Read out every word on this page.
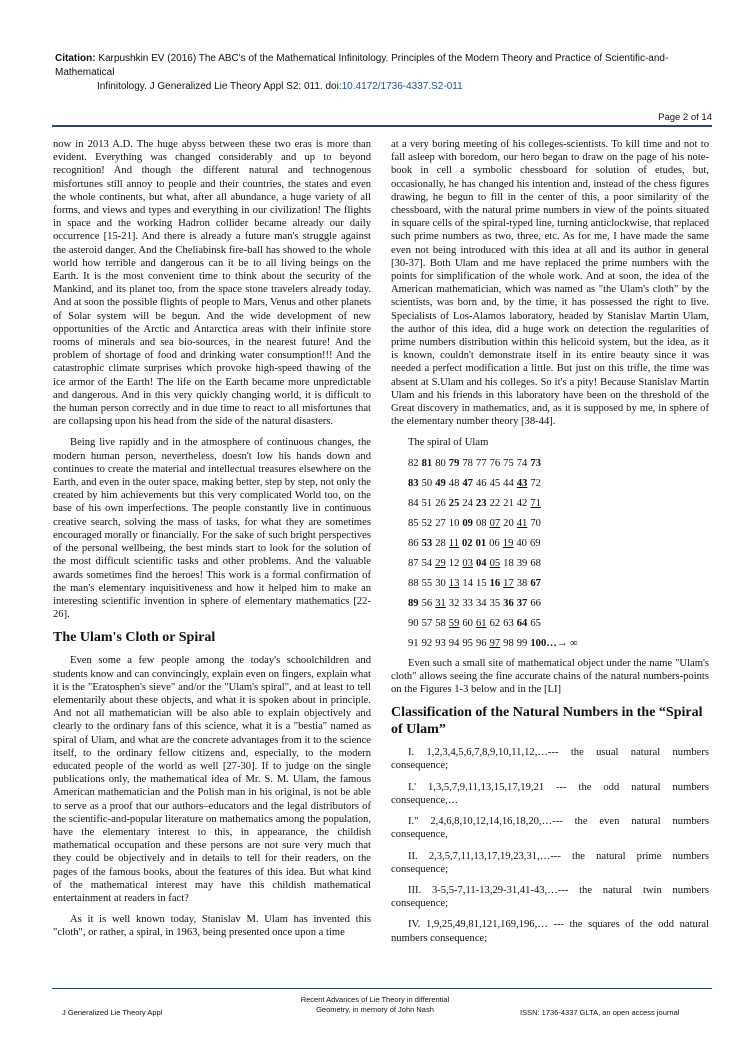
Citation: Karpushkin EV (2016) The ABC's of the Mathematical Infinitology. Principles of the Modern Theory and Practice of Scientific-and-Mathematical
Infinitology. J Generalized Lie Theory Appl S2: 011. doi:10.4172/1736-4337.S2-011
Page 2 of 14

now in 2013 A.D. The huge abyss between these two eras is more than evident. Everything was changed considerably and up to beyond recognition! And though the different natural and technogenous misfortunes still annoy to people and their countries, the states and even the whole continents, but what, after all abundance, a huge variety of all forms, and views and types and everything in our civilization! The flights in space and the working Hadron collider became already our daily occurrence [15-21]. And there is already a future man's struggle against the asteroid danger. And the Cheliabinsk fire-ball has showed to the whole world how terrible and dangerous can it be to all living beings on the Earth. It is the most convenient time to think about the security of the Mankind, and its planet too, from the space stone travelers already today. And at soon the possible flights of people to Mars, Venus and other planets of Solar system will be begun. And the wide development of new opportunities of the Arctic and Antarctica areas with their infinite store rooms of minerals and sea bio-sources, in the nearest future! And the problem of shortage of food and drinking water consumption!!! And the catastrophic climate surprises which provoke high-speed thawing of the ice armor of the Earth! The life on the Earth became more unpredictable and dangerous. And in this very quickly changing world, it is difficult to the human person correctly and in due time to react to all misfortunes that are collapsing upon his head from the side of the natural disasters.

Being live rapidly and in the atmosphere of continuous changes, the modern human person, nevertheless, doesn't low his hands down and continues to create the material and intellectual treasures elsewhere on the Earth, and even in the outer space, making better, step by step, not only the created by him achievements but this very complicated World too, on the base of his own imperfections. The people constantly live in continuous creative search, solving the mass of tasks, for what they are sometimes encouraged morally or financially. For the sake of such bright perspectives of the personal wellbeing, the best minds start to look for the solution of the most difficult scientific tasks and other problems. And the valuable awards sometimes find the heroes! This work is a formal confirmation of the man's elementary inquisitiveness and how it helped him to make an interesting scientific invention in sphere of elementary mathematics [22-26].

The Ulam's Cloth or Spiral

Even some a few people among the today's schoolchildren and students know and can convincingly, explain even on fingers, explain what it is the "Eratosphen's sieve" and/or the "Ulam's spiral", and at least to tell elementarily about these objects, and what it is spoken about in principle. And not all mathematician will be also able to explain objectively and clearly to the ordinary fans of this science, what it is a "bestia" named as spiral of Ulam, and what are the concrete advantages from it to the science itself, to the ordinary fellow citizens and, especially, to the modern educated people of the world as well [27-30]. If to judge on the single publications only, the mathematical idea of Mr. S. M. Ulam, the famous American mathematician and the Polish man in his original, is not be able to serve as a proof that our authors–educators and the legal distributors of the scientific-and-popular literature on mathematics among the population, have the elementary interest to this, in appearance, the childish mathematical occupation and these persons are not sure very much that they could be objectively and in details to tell for their readers, on the pages of the famous books, about the features of this idea. But what kind of the mathematical interest may have this childish mathematical entertainment at readers in fact?

As it is well known today, Stanislav M. Ulam has invented this "cloth", or rather, a spiral, in 1963, being presented once upon a time

at a very boring meeting of his colleges-scientists. To kill time and not to fall asleep with boredom, our hero began to draw on the page of his note-book in cell a symbolic chessboard for solution of etudes, but, occasionally, he has changed his intention and, instead of the chess figures drawing, he begun to fill in the center of this, a poor similarity of the chessboard, with the natural prime numbers in view of the points situated in square cells of the spiral-typed line, turning anticlockwise, that replaced such prime numbers as two, three, etc. As for me, I have made the same even not being introduced with this idea at all and its author in general [30-37]. Both Ulam and me have replaced the prime numbers with the points for simplification of the whole work. And at soon, the idea of the American mathematician, which was named as "the Ulam's cloth" by the scientists, was born and, by the time, it has possessed the right to live. Specialists of Los-Alamos laboratory, headed by Stanislav Martin Ulam, the author of this idea, did a huge work on detection the regularities of prime numbers distribution within this helicoid system, but the idea, as it is known, couldn't demonstrate itself in its entire beauty since it was needed a perfect modification a little. But just on this trifle, the time was absent at S.Ulam and his colleges. So it's a pity! Because Stanislav Martin Ulam and his friends in this laboratory have been on the threshold of the Great discovery in mathematics, and, as it is supposed by me, in sphere of the elementary number theory [38-44].

The spiral of Ulam
82 81 80 79 78 77 76 75 74 73
83 50 49 48 47 46 45 44 43 72
84 51 26 25 24 23 22 21 42 71
85 52 27 10 09 08 07 20 41 70
86 53 28 11 02 01 06 19 40 69
87 54 29 12 03 04 05 18 39 68
88 55 30 13 14 15 16 17 38 67
89 56 31 32 33 34 35 36 37 66
90 57 58 59 60 61 62 63 64 65
91 92 93 94 95 96 97 98 99 100…→ ∞

Even such a small site of mathematical object under the name "Ulam's cloth" allows seeing the fine accurate chains of the natural numbers-points on the Figures 1-3 below and in the [LI]

Classification of the Natural Numbers in the “Spiral of Ulam”

I. 1,2,3,4,5,6,7,8,9,10,11,12,…--- the usual natural numbers consequence;

I.' 1,3,5,7,9,11,13,15,17,19,21 --- the odd natural numbers consequence,…

I." 2,4,6,8,10,12,14,16,18,20,…--- the even natural numbers consequence,

II. 2,3,5,7,11,13,17,19,23,31,…--- the natural prime numbers consequence;

III. 3-5,5-7,11-13,29-31,41-43,…--- the natural twin numbers consequence;

IV. 1,9,25,49,81,121,169,196,… --- the squares of the odd natural numbers consequence;

J Generalized Lie Theory Appl
Recent Advances of Lie Theory in differential Geometry, in memory of John Nash	ISSN: 1736-4337 GLTA, an open access journal
